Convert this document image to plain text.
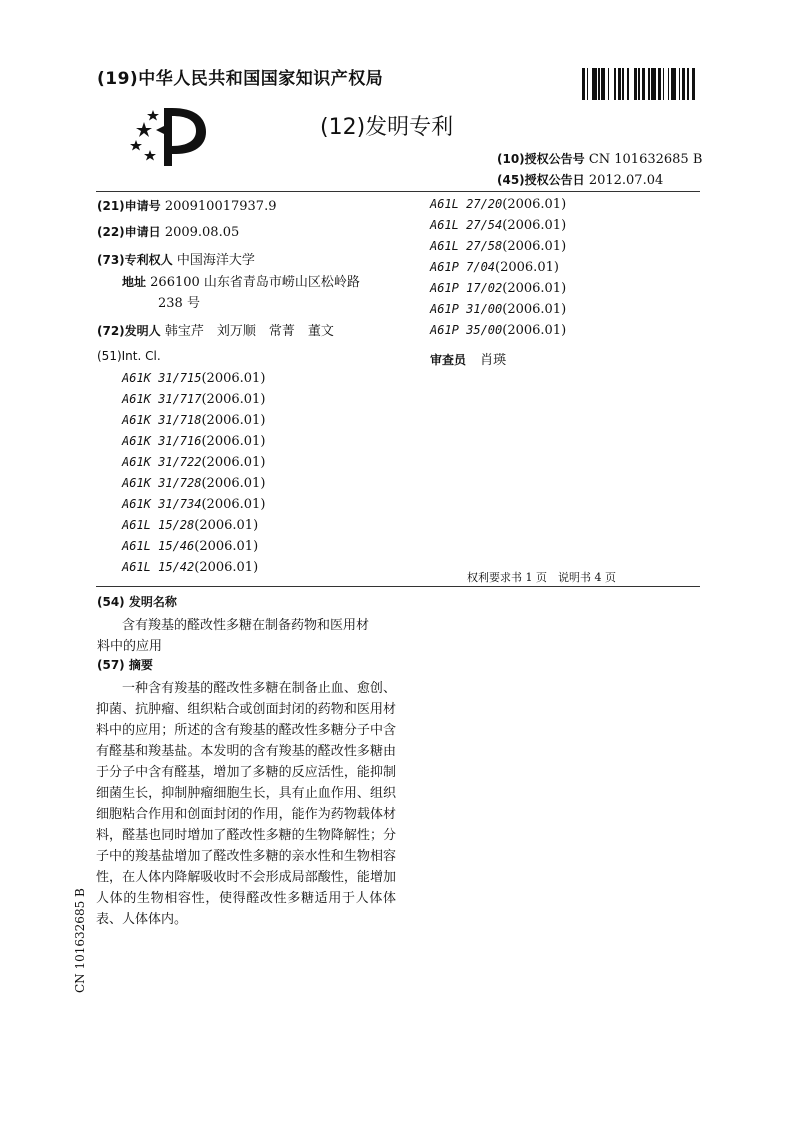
(19)中华人民共和国国家知识产权局
(12)发明专利
(10)授权公告号 CN 101632685 B
(45)授权公告日 2012.07.04
(21)申请号 200910017937.9
(22)申请日 2009.08.05
(73)专利权人 中国海洋大学
地址 266100 山东省青岛市崂山区松岭路
238 号
(72)发明人 韩宝芹　刘万顺　常菁　董文
(51)Int. Cl.
A61K 31/715(2006.01)
A61K 31/717(2006.01)
A61K 31/718(2006.01)
A61K 31/716(2006.01)
A61K 31/722(2006.01)
A61K 31/728(2006.01)
A61K 31/734(2006.01)
A61L 15/28(2006.01)
A61L 15/46(2006.01)
A61L 15/42(2006.01)
A61L 27/20(2006.01)
A61L 27/54(2006.01)
A61L 27/58(2006.01)
A61P 7/04(2006.01)
A61P 17/02(2006.01)
A61P 31/00(2006.01)
A61P 35/00(2006.01)
审查员 肖瑛
权利要求书 1 页　说明书 4 页
(54) 发明名称
含有羧基的醛改性多糖在制备药物和医用材
料中的应用
(57) 摘要
一种含有羧基的醛改性多糖在制备止血、愈创、抑菌、抗肿瘤、组织粘合或创面封闭的药物和医用材料中的应用；所述的含有羧基的醛改性多糖分子中含有醛基和羧基盐。本发明的含有羧基的醛改性多糖由于分子中含有醛基，增加了多糖的反应活性，能抑制细菌生长，抑制肿瘤细胞生长，具有止血作用、组织细胞粘合作用和创面封闭的作用，能作为药物载体材料，醛基也同时增加了醛改性多糖的生物降解性；分子中的羧基盐增加了醛改性多糖的亲水性和生物相容性，在人体内降解吸收时不会形成局部酸性，能增加人体的生物相容性，使得醛改性多糖适用于人体体表、人体体内。
CN 101632685 B
